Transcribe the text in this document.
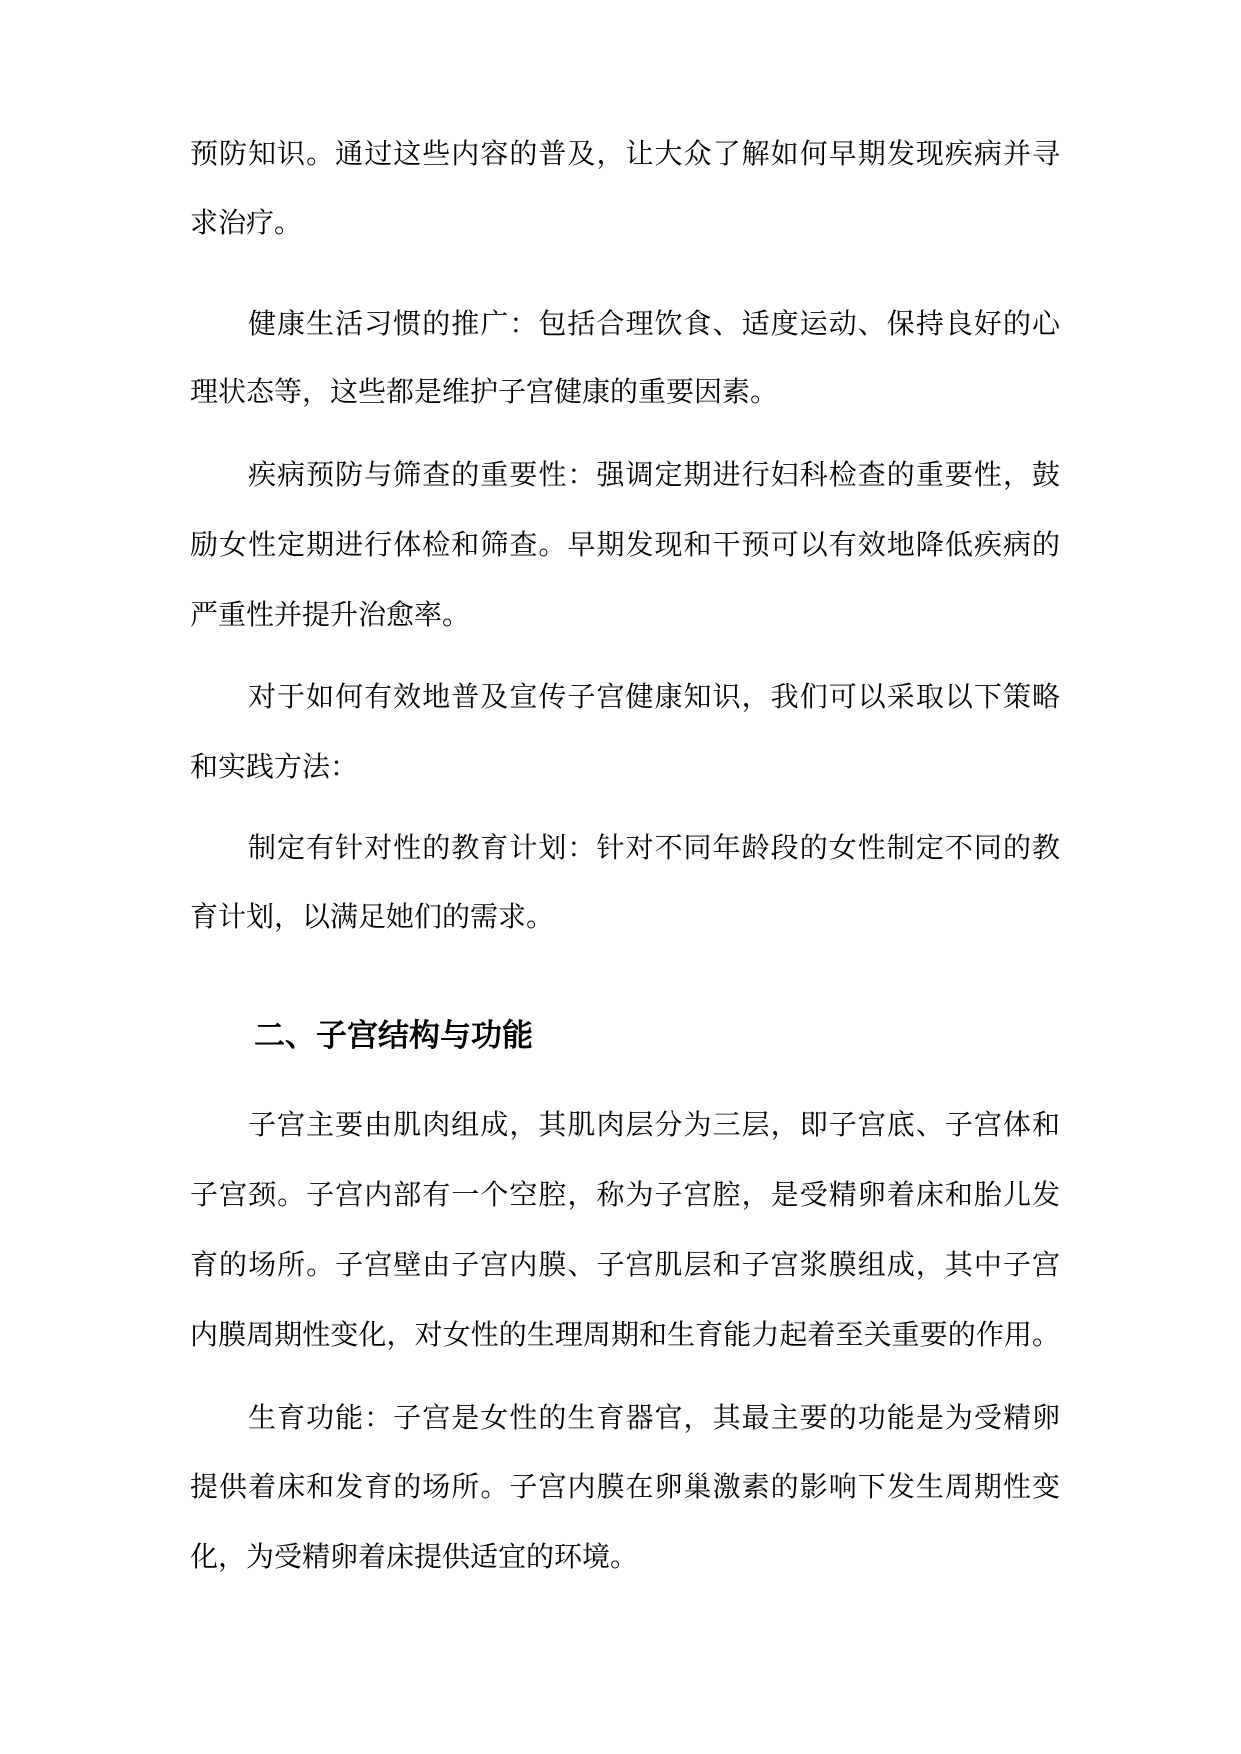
预防知识。通过这些内容的普及，让大众了解如何早期发现疾病并寻

求治疗。

健康生活习惯的推广：包括合理饮食、适度运动、保持良好的心

理状态等，这些都是维护子宫健康的重要因素。

疾病预防与筛查的重要性：强调定期进行妇科检查的重要性，鼓

励女性定期进行体检和筛查。早期发现和干预可以有效地降低疾病的

严重性并提升治愈率。

对于如何有效地普及宣传子宫健康知识，我们可以采取以下策略

和实践方法：

制定有针对性的教育计划：针对不同年龄段的女性制定不同的教

育计划，以满足她们的需求。

二、子宫结构与功能

子宫主要由肌肉组成，其肌肉层分为三层，即子宫底、子宫体和

子宫颈。子宫内部有一个空腔，称为子宫腔，是受精卵着床和胎儿发

育的场所。子宫壁由子宫内膜、子宫肌层和子宫浆膜组成，其中子宫

内膜周期性变化，对女性的生理周期和生育能力起着至关重要的作用。

生育功能：子宫是女性的生育器官，其最主要的功能是为受精卵

提供着床和发育的场所。子宫内膜在卵巢激素的影响下发生周期性变

化，为受精卵着床提供适宜的环境。
